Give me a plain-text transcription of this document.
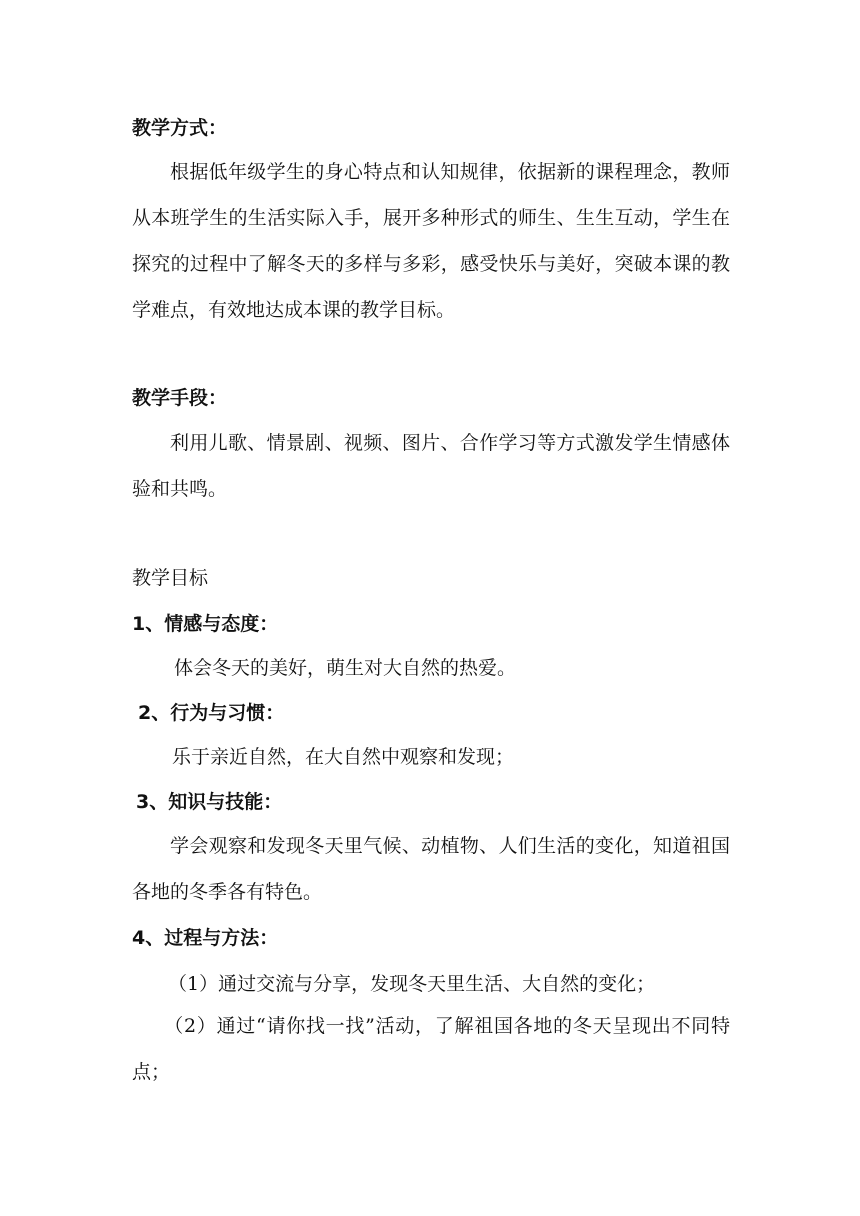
教学方式：
根据低年级学生的身心特点和认知规律，依据新的课程理念，教师从本班学生的生活实际入手，展开多种形式的师生、生生互动，学生在探究的过程中了解冬天的多样与多彩，感受快乐与美好，突破本课的教学难点，有效地达成本课的教学目标。
教学手段：
利用儿歌、情景剧、视频、图片、合作学习等方式激发学生情感体验和共鸣。
教学目标
1、情感与态度：
体会冬天的美好，萌生对大自然的热爱。
2、行为与习惯：
乐于亲近自然，在大自然中观察和发现；
3、知识与技能：
学会观察和发现冬天里气候、动植物、人们生活的变化，知道祖国各地的冬季各有特色。
4、过程与方法：
（1）通过交流与分享，发现冬天里生活、大自然的变化；
（2）通过“请你找一找”活动，了解祖国各地的冬天呈现出不同特点；
